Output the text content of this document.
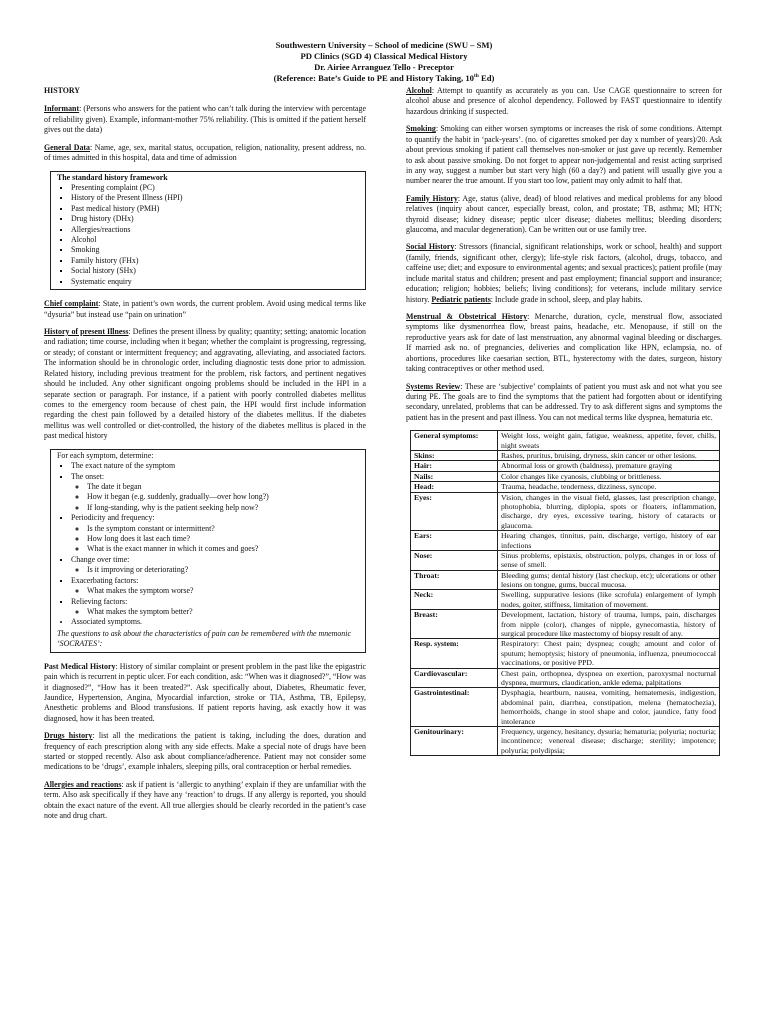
Southwestern University – School of medicine (SWU – SM)
PD Clinics (SGD 4) Classical Medical History
Dr. Airiee Arranguez Tello - Preceptor
(Reference: Bate’s Guide to PE and History Taking, 10th Ed)
HISTORY

Informant: (Persons who answers for the patient who can’t talk during the interview with percentage of reliability given). Example, informant-mother 75% reliability. (This is omitted if the patient herself gives out the data)

General Data: Name, age, sex, marital status, occupation, religion, nationality, present address, no. of times admitted in this hospital, data and time of admission

The standard history framework
▪ Presenting complaint (PC)
▪ History of the Present Illness (HPI)
▪ Past medical history (PMH)
▪ Drug history (DHx)
▪ Allergies/reactions
▪ Alcohol
▪ Smoking
▪ Family history (FHx)
▪ Social history (SHx)
▪ Systematic enquiry

Chief complaint: State, in patient’s own words, the current problem. Avoid using medical terms like “dysuria” but instead use “pain on urination”

History of present Illness: Defines the present illness by quality; quantity; setting; anatomic location and radiation; time course, including when it began; whether the complaint is progressing, regressing, or steady; of constant or intermittent frequency; and aggravating, alleviating, and associated factors. The information should be in chronologic order, including diagnostic tests done prior to admission. Related history, including previous treatment for the problem, risk factors, and pertinent negatives should be included. Any other significant ongoing problems should be included in the HPI in a separate section or paragraph. For instance, if a patient with poorly controlled diabetes mellitus comes to the emergency room because of chest pain, the HPI would first include information regarding the chest pain followed by a detailed history of the diabetes mellitus. If the diabetes mellitus was well controlled or diet-controlled, the history of the diabetes mellitus is placed in the past medical history

For each symptom, determine:
▪ The exact nature of the symptom
▪ The onset:
◦ The date it began
◦ How it began (e.g. suddenly, gradually—over how long?)
◦ If long-standing, why is the patient seeking help now?
▪ Periodicity and frequency:
◦ Is the symptom constant or intermittent?
◦ How long does it last each time?
◦ What is the exact manner in which it comes and goes?
▪ Change over time:
◦ Is it improving or deteriorating?
▪ Exacerbating factors:
◦ What makes the symptom worse?
▪ Relieving factors:
◦ What makes the symptom better?
• Associated symptoms.
The questions to ask about the characteristics of pain can be remembered with the mnemonic ‘SOCRATES’:

Past Medical History: History of similar complaint or present problem in the past like the epigastric pain which is recurrent in peptic ulcer. For each condition, ask: “When was it diagnosed?”, “How was it diagnosed?”, “How has it been treated?”. Ask specifically about, Diabetes, Rheumatic fever, Jaundice, Hypertension, Angina, Myocardial infarction, stroke or TIA, Asthma, TB, Epilepsy, Anesthetic problems and Blood transfusions. If patient reports having, ask exactly how it was diagnosed, how it has been treated.

Drugs history: list all the medications the patient is taking, including the does, duration and frequency of each prescription along with any side effects. Make a special note of drugs have been started or stopped recently. Also ask about compliance/adherence. Patient may not consider some medications to be ‘drugs’, example inhalers, sleeping pills, oral contraception or herbal remedies.

Allergies and reactions: ask if patient is ‘allergic to anything’ explain if they are unfamiliar with the term. Also ask specifically if they have any ‘reaction’ to drugs. If any allergy is reported, you should obtain the exact nature of the event. All true allergies should be clearly recorded in the patient’s case note and drug chart.

Alcohol: Attempt to quantify as accurately as you can. Use CAGE questionnaire to screen for alcohol abuse and presence of alcohol dependency. Followed by FAST questionnaire to identify hazardous drinking if suspected.

Smoking: Smoking can either worsen symptoms or increases the risk of some conditions. Attempt to quantify the habit in ‘pack-years’. (no. of cigarettes smoked per day x number of years)/20. Ask about previous smoking if patient call themselves non-smoker or just gave up recently. Remember to ask about passive smoking. Do not forget to appear non-judgemental and resist acting surprised in any way, suggest a number but start very high (60 a day?) and patient will usually give you a number nearer the true amount. If you start too low, patient may only admit to half that.

Family History: Age, status (alive, dead) of blood relatives and medical problems for any blood relatives (inquiry about cancer, especially breast, colon, and prostate; TB, asthma; MI; HTN; thyroid disease; kidney disease; peptic ulcer disease; diabetes mellitus; bleeding disorders; glaucoma, and macular degeneration). Can be written out or use family tree.

Social History: Stressors (financial, significant relationships, work or school, health) and support (family, friends, significant other, clergy); life-style risk factors, (alcohol, drugs, tobacco, and caffeine use; diet; and exposure to environmental agents; and sexual practices); patient profile (may include marital status and children; present and past employment; financial support and insurance; education; religion; hobbies; beliefs; living conditions); for veterans, include military service history. Pediatric patients: Include grade in school, sleep, and play habits.

Menstrual & Obstetrical History: Menarche, duration, cycle, menstrual flow, associated symptoms like dysmenorrhea flow, breast pains, headache, etc. Menopause, if still on the reproductive years ask for date of last menstruation, any abnormal vaginal bleeding or discharges. If married ask no. of pregnancies, deliveries and complication like HPN, eclampsia, no. of abortions, procedures like caesarian section, BTL, hysterectomy with the dates, surgeon, history taking contraceptives or other method used.

Systems Review: These are ‘subjective’ complaints of patient you must ask and not what you see during PE. The goals are to find the symptoms that the patient had forgotten about or identifying secondary, unrelated, problems that can be addressed. Try to ask different signs and symptoms the patient has in the present and past illness. You can not medical terms like dyspnea, hematuria etc.

General symptoms:	Weight loss, weight gain, fatigue, weakness, appetite, fever, chills, night sweats
Skins:	Rashes, pruritus, bruising, dryness, skin cancer or other lesions.
Hair:	Abnormal loss or growth (baldness), premature graying
Nails:	Color changes like cyanosis, clubbing or brittleness.
Head:	Trauma, headache, tenderness, dizziness, syncope.
Eyes:	Vision, changes in the visual field, glasses, last prescription change, photophobia, blurring, diplopia, spots or floaters, inflammation, discharge, dry eyes, excessive tearing, history of cataracts or glaucoma.
Ears:	Hearing changes, tinnitus, pain, discharge, vertigo, history of ear infections
Nose:	Sinus problems, epistaxis, obstruction, polyps, changes in or loss of sense of smell.
Throat:	Bleeding gums; dental history (last checkup, etc); ulcerations or other lesions on tongue, gums, buccal mucosa.
Neck:	Swelling, suppurative lesions (like scrofula) enlargement of lymph nodes, goiter, stiffness, limitation of movement.
Breast:	Development, lactation, history of trauma, lumps, pain, discharges from nipple (color), changes of nipple, gynecomastia, history of surgical procedure like mastectomy of biopsy result of any.
Resp. system:	Respiratory: Chest pain; dyspnea; cough; amount and color of sputum; hemoptysis; history of pneumonia, influenza, pneumococcal vaccinations, or positive PPD.
Cardiovascular:	Chest pain, orthopnea, dyspnea on exertion, paroxysmal nocturnal dyspnea, murmurs, claudication, ankle edema, palpitations
Gastrointestinal:	Dysphagia, heartburn, nausea, vomiting, hematemesis, indigestion, abdominal pain, diarrhea, constipation, melena (hematochezia), hemorrhoids, change in stool shape and color, jaundice, fatty food intolerance
Genitourinary:	Frequency, urgency, hesitancy, dysuria; hematuria; polyuria; nocturia; incontinence; venereal disease; discharge; sterility; impotence; polyuria; polydipsia;
